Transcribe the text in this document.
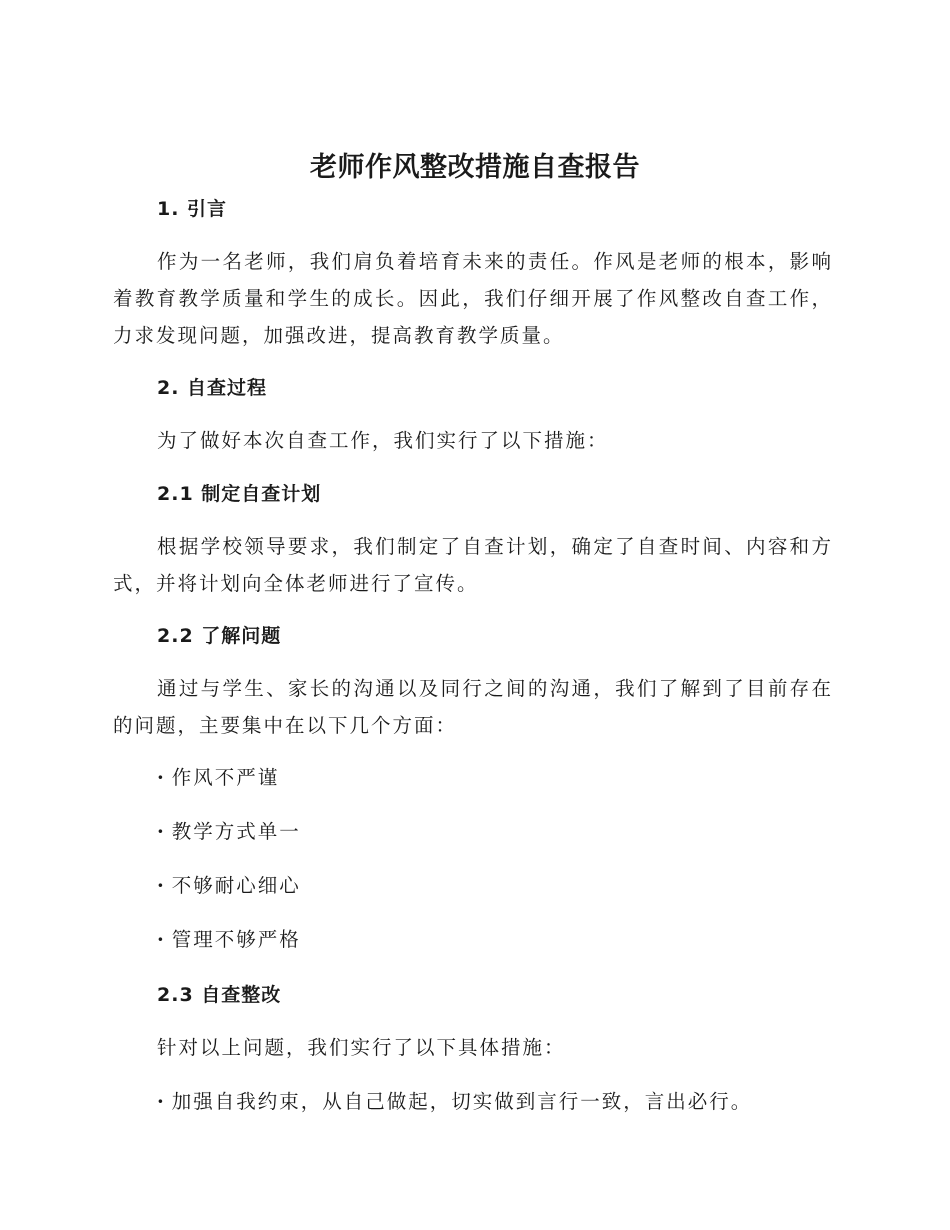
老师作风整改措施自查报告
1. 引言
作为一名老师，我们肩负着培育未来的责任。作风是老师的根本，影响着教育教学质量和学生的成长。因此，我们仔细开展了作风整改自查工作，力求发现问题，加强改进，提高教育教学质量。
2. 自查过程
为了做好本次自查工作，我们实行了以下措施：
2.1 制定自查计划
根据学校领导要求，我们制定了自查计划，确定了自查时间、内容和方式，并将计划向全体老师进行了宣传。
2.2 了解问题
通过与学生、家长的沟通以及同行之间的沟通，我们了解到了目前存在的问题，主要集中在以下几个方面：
· 作风不严谨
· 教学方式单一
· 不够耐心细心
· 管理不够严格
2.3 自查整改
针对以上问题，我们实行了以下具体措施：
· 加强自我约束，从自己做起，切实做到言行一致，言出必行。
